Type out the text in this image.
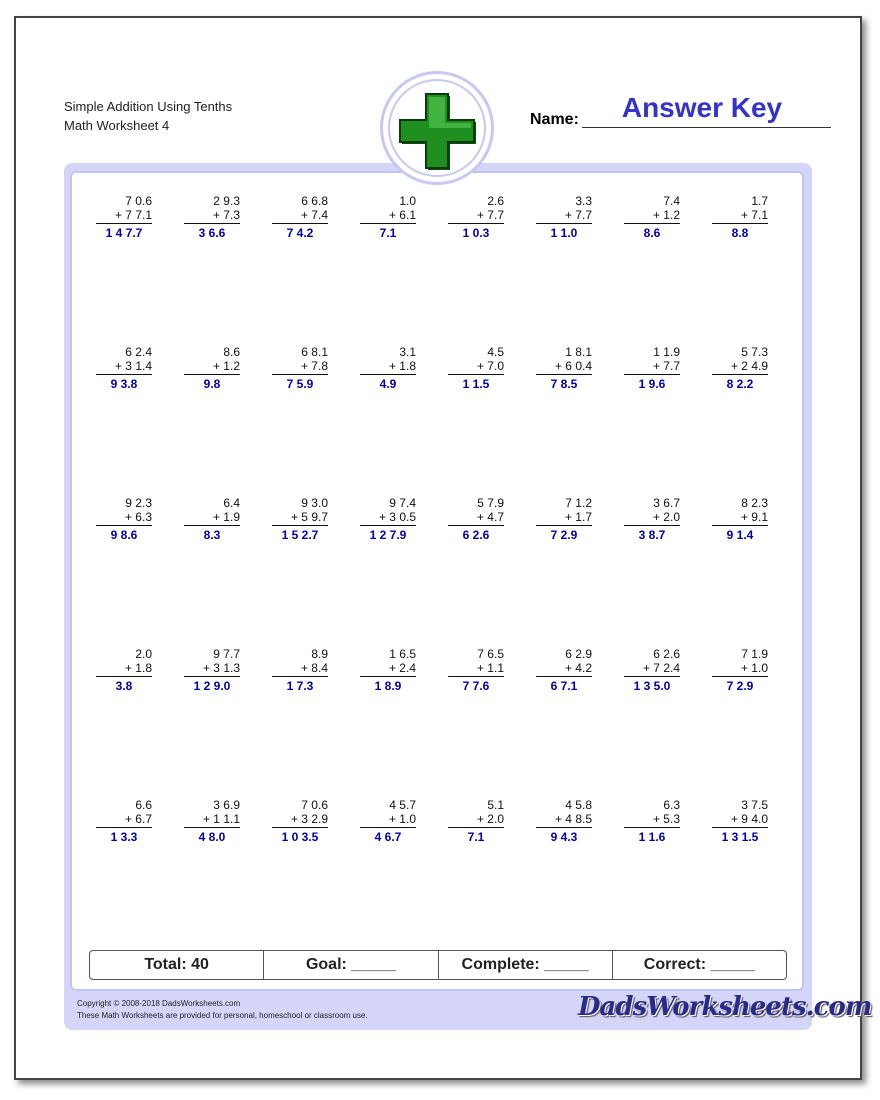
Simple Addition Using Tenths
Math Worksheet 4	Name:	Answer Key
7 0.6
+ 7 7.1
1 4 7.7
2 9.3
+ 7.3
3 6.6
6 6.8
+ 7.4
7 4.2
1.0
+ 6.1
7.1
2.6
+ 7.7
1 0.3
3.3
+ 7.7
1 1.0
7.4
+ 1.2
8.6
1.7
+ 7.1
8.8
6 2.4
+ 3 1.4
9 3.8
8.6
+ 1.2
9.8
6 8.1
+ 7.8
7 5.9
3.1
+ 1.8
4.9
4.5
+ 7.0
1 1.5
1 8.1
+ 6 0.4
7 8.5
1 1.9
+ 7.7
1 9.6
5 7.3
+ 2 4.9
8 2.2
9 2.3
+ 6.3
9 8.6
6.4
+ 1.9
8.3
9 3.0
+ 5 9.7
1 5 2.7
9 7.4
+ 3 0.5
1 2 7.9
5 7.9
+ 4.7
6 2.6
7 1.2
+ 1.7
7 2.9
3 6.7
+ 2.0
3 8.7
8 2.3
+ 9.1
9 1.4
2.0
+ 1.8
3.8
9 7.7
+ 3 1.3
1 2 9.0
8.9
+ 8.4
1 7.3
1 6.5
+ 2.4
1 8.9
7 6.5
+ 1.1
7 7.6
6 2.9
+ 4.2
6 7.1
6 2.6
+ 7 2.4
1 3 5.0
7 1.9
+ 1.0
7 2.9
6.6
+ 6.7
1 3.3
3 6.9
+ 1 1.1
4 8.0
7 0.6
+ 3 2.9
1 0 3.5
4 5.7
+ 1.0
4 6.7
5.1
+ 2.0
7.1
4 5.8
+ 4 8.5
9 4.3
6.3
+ 5.3
1 1.6
3 7.5
+ 9 4.0
1 3 1.5
Total: 40	Goal: _____	Complete: _____	Correct: _____
Copyright © 2008-2018 DadsWorksheets.com
These Math Worksheets are provided for personal, homeschool or classroom use.	DadsWorksheets.com
